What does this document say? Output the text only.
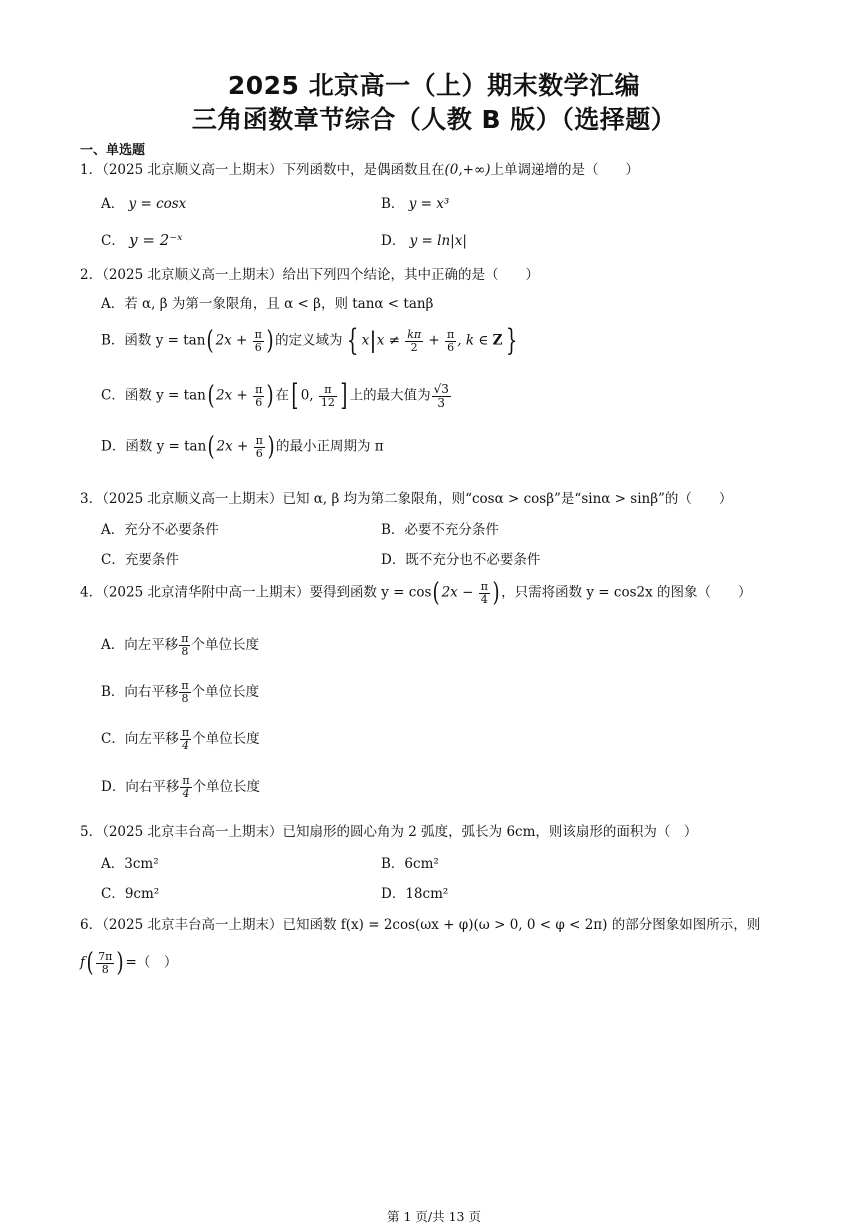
2025 北京高一（上）期末数学汇编
三角函数章节综合（人教 B 版）（选择题）
一、单选题
1．（2025 北京顺义高一上期末）下列函数中，是偶函数且在(0,+∞)上单调递增的是（　　）
A． y = cosx	B． y = x³
C． y = 2⁻ˣ	D． y = ln|x|
2．（2025 北京顺义高一上期末）给出下列四个结论，其中正确的是（　　）
A．若 α, β 为第一象限角，且 α < β，则 tanα < tanβ
B．函数 y = tan( $2x + \frac{\pi}{6}$ ) 的定义域为 { $x|x \ne \frac{k\pi}{2} + \frac{\pi}{6}$ , k ∈ Z }
C．函数 y = tan( $2x + \frac{\pi}{6}$ ) 在[ 0, $\frac{\pi}{12}$ ] 上的最大值为 $\frac{√3}{3}$
D．函数 y = tan( $2x + \frac{\pi}{6}$ ) 的最小正周期为 π
3．（2025 北京顺义高一上期末）已知 α, β 均为第二象限角，则“cosα > cosβ”是“sinα > sinβ”的（　　）
A．充分不必要条件	B．必要不充分条件
C．充要条件	D．既不充分也不必要条件
4．（2025 北京清华附中高一上期末）要得到函数 y = cos( $2x - \frac{\pi}{4}$ ) ，只需将函数 y = cos2x 的图象（　　）
A．向左平移 $\frac{\pi}{8}$ 个单位长度
B．向右平移 $\frac{\pi}{8}$ 个单位长度
C．向左平移 $\frac{\pi}{4}$ 个单位长度
D．向右平移 $\frac{\pi}{4}$ 个单位长度
5．（2025 北京丰台高一上期末）已知扇形的圆心角为 2 弧度，弧长为 6cm，则该扇形的面积为（　）
A．3cm²	B．6cm²
C．9cm²	D．18cm²
6．（2025 北京丰台高一上期末）已知函数 f(x) = 2cos(ωx + φ)(ω > 0, 0 < φ < 2π) 的部分图象如图所示，则
$f( \frac{7\pi}{8}$ ) =（　）
第 1 页/共 13 页
